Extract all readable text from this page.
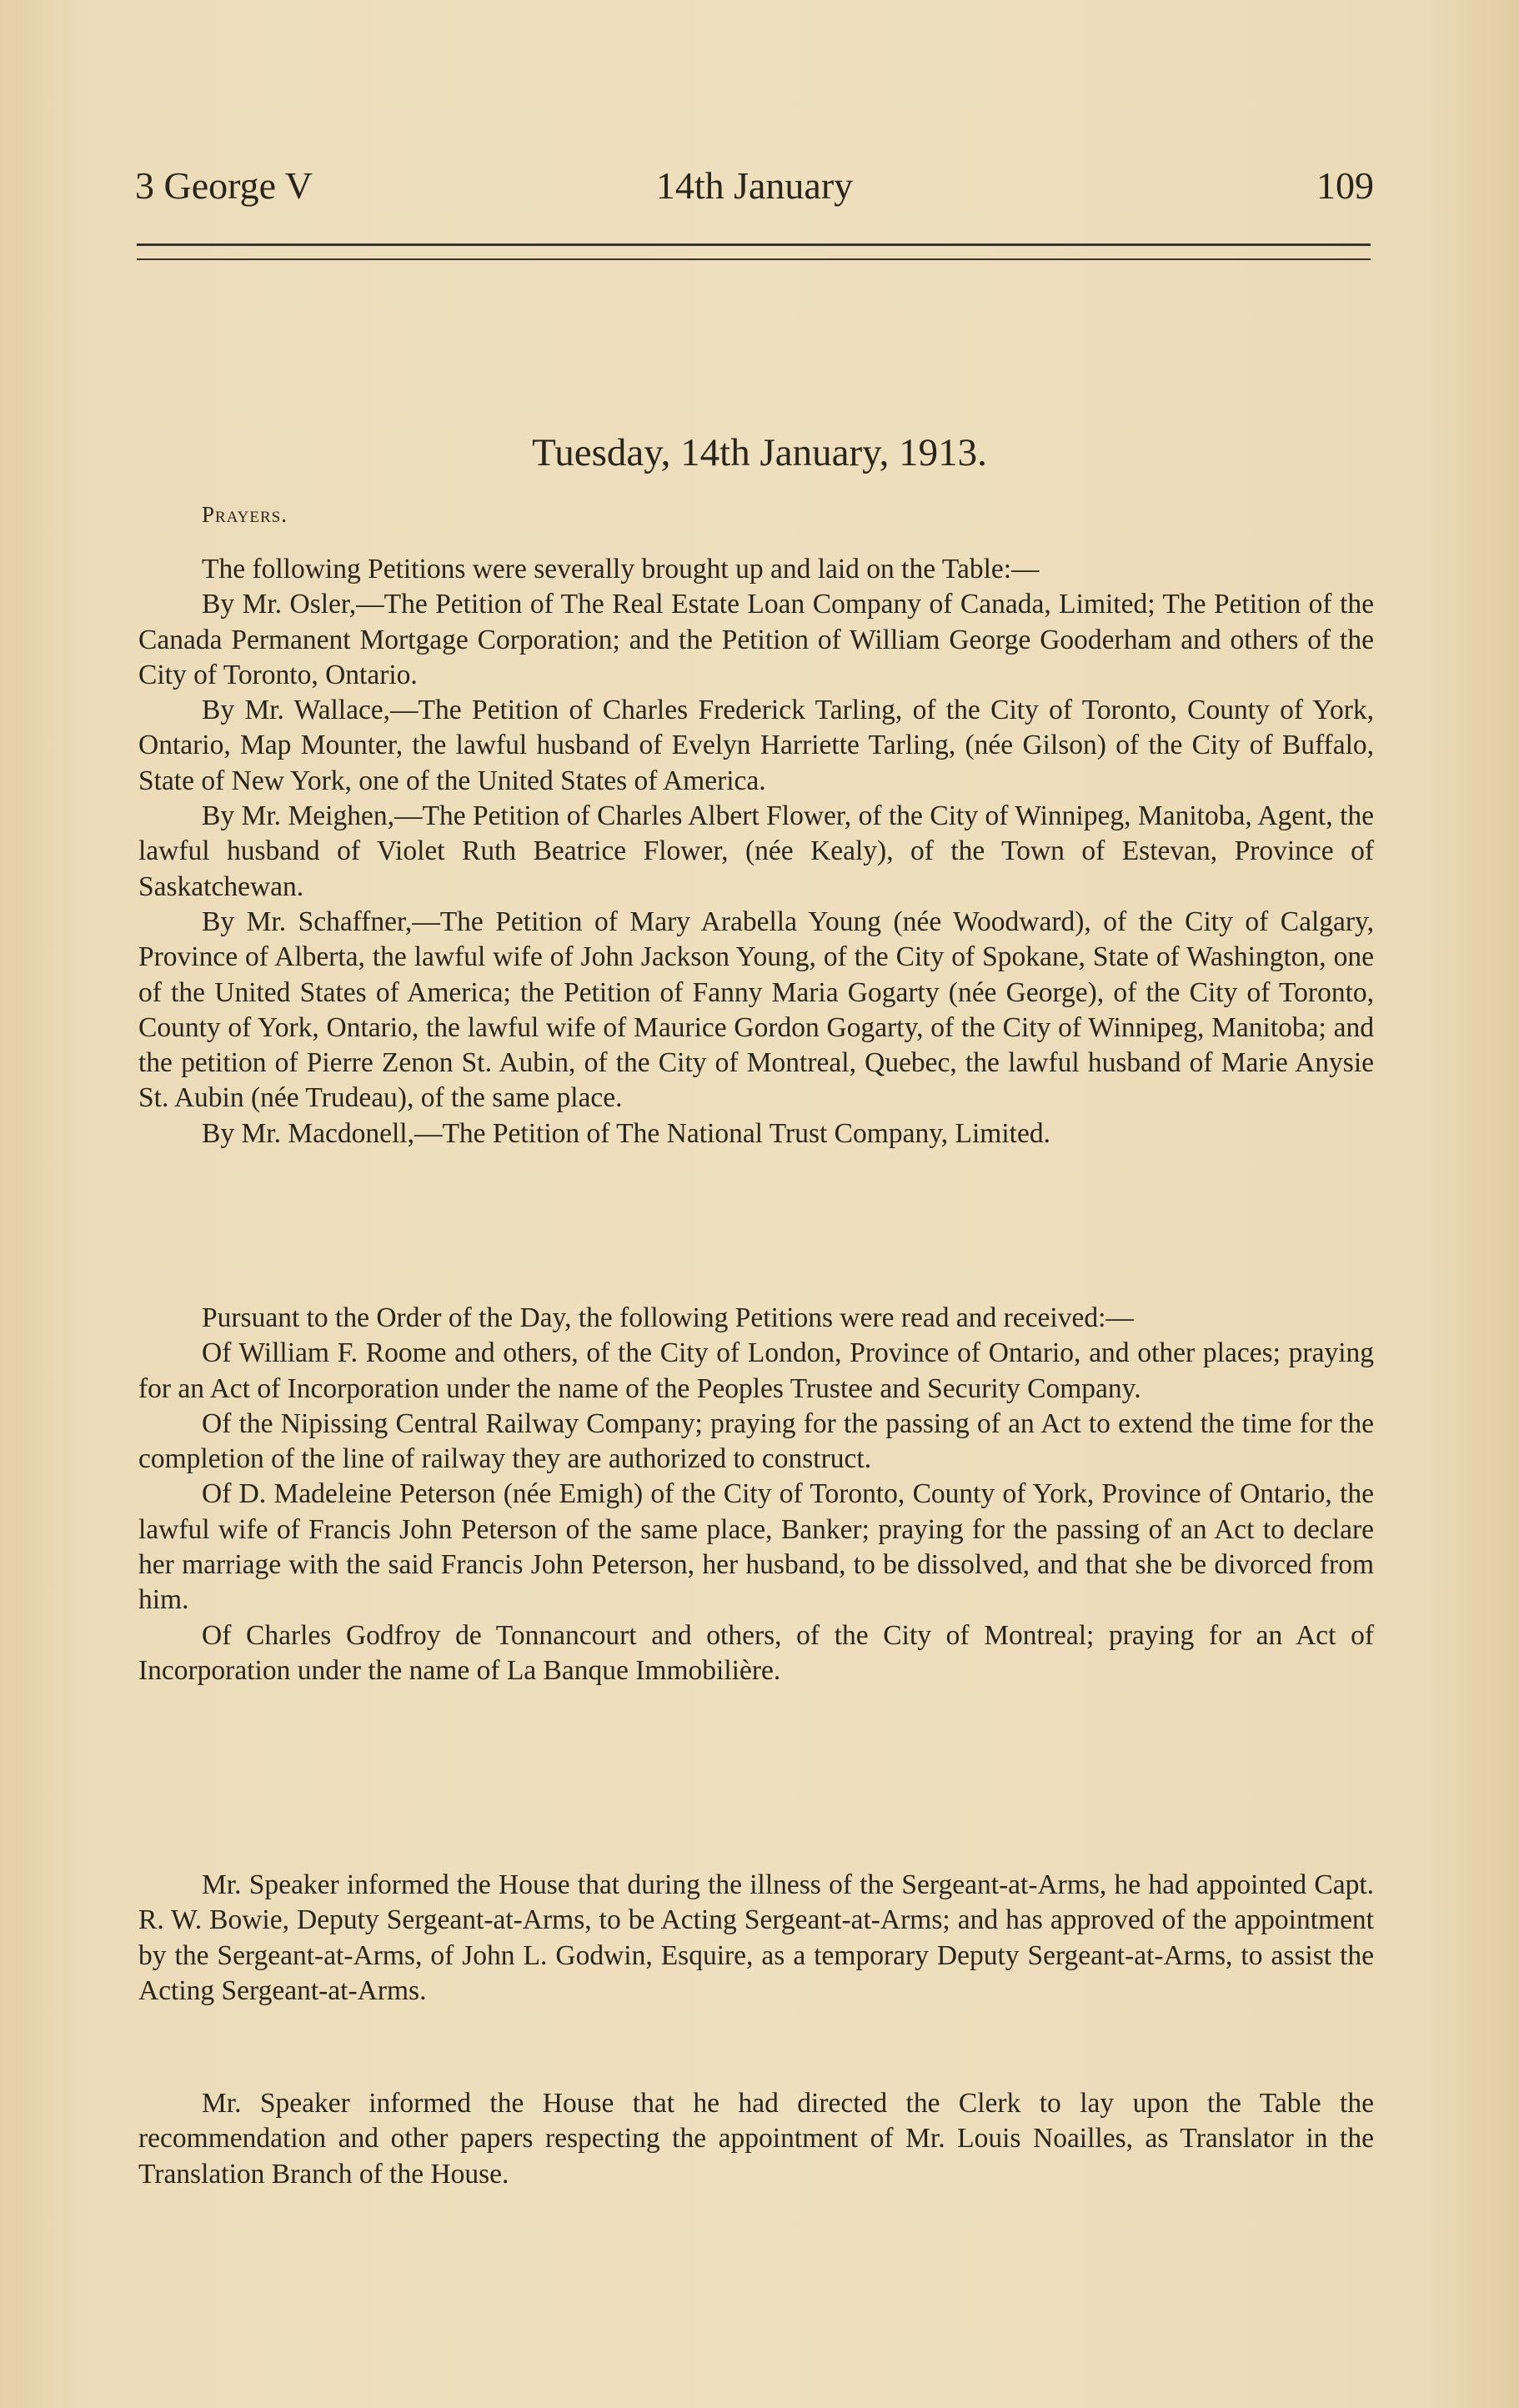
3 George V	14th January	109
Tuesday, 14th January, 1913.
Prayers.

The following Petitions were severally brought up and laid on the Table:—

By Mr. Osler,—The Petition of The Real Estate Loan Company of Canada, Limited; The Petition of the Canada Permanent Mortgage Corporation; and the Petition of William George Gooderham and others of the City of Toronto, Ontario.

By Mr. Wallace,—The Petition of Charles Frederick Tarling, of the City of Toronto, County of York, Ontario, Map Mounter, the lawful husband of Evelyn Harriette Tarling, (née Gilson) of the City of Buffalo, State of New York, one of the United States of America.

By Mr. Meighen,—The Petition of Charles Albert Flower, of the City of Winnipeg, Manitoba, Agent, the lawful husband of Violet Ruth Beatrice Flower, (née Kealy), of the Town of Estevan, Province of Saskatchewan.

By Mr. Schaffner,—The Petition of Mary Arabella Young (née Woodward), of the City of Calgary, Province of Alberta, the lawful wife of John Jackson Young, of the City of Spokane, State of Washington, one of the United States of America; the Petition of Fanny Maria Gogarty (née George), of the City of Toronto, County of York, Ontario, the lawful wife of Maurice Gordon Gogarty, of the City of Winnipeg, Manitoba; and the petition of Pierre Zenon St. Aubin, of the City of Montreal, Quebec, the lawful husband of Marie Anysie St. Aubin (née Trudeau), of the same place.

By Mr. Macdonell,—The Petition of The National Trust Company, Limited.

Pursuant to the Order of the Day, the following Petitions were read and received:—

Of William F. Roome and others, of the City of London, Province of Ontario, and other places; praying for an Act of Incorporation under the name of the Peoples Trustee and Security Company.

Of the Nipissing Central Railway Company; praying for the passing of an Act to extend the time for the completion of the line of railway they are authorized to construct.

Of D. Madeleine Peterson (née Emigh) of the City of Toronto, County of York, Province of Ontario, the lawful wife of Francis John Peterson of the same place, Banker; praying for the passing of an Act to declare her marriage with the said Francis John Peterson, her husband, to be dissolved, and that she be divorced from him.

Of Charles Godfroy de Tonnancourt and others, of the City of Montreal; praying for an Act of Incorporation under the name of La Banque Immobilière.

Mr. Speaker informed the House that during the illness of the Sergeant-at-Arms, he had appointed Capt. R. W. Bowie, Deputy Sergeant-at-Arms, to be Acting Sergeant-at-Arms; and has approved of the appointment by the Sergeant-at-Arms, of John L. Godwin, Esquire, as a temporary Deputy Sergeant-at-Arms, to assist the Acting Sergeant-at-Arms.

Mr. Speaker informed the House that he had directed the Clerk to lay upon the Table the recommendation and other papers respecting the appointment of Mr. Louis Noailles, as Translator in the Translation Branch of the House.
